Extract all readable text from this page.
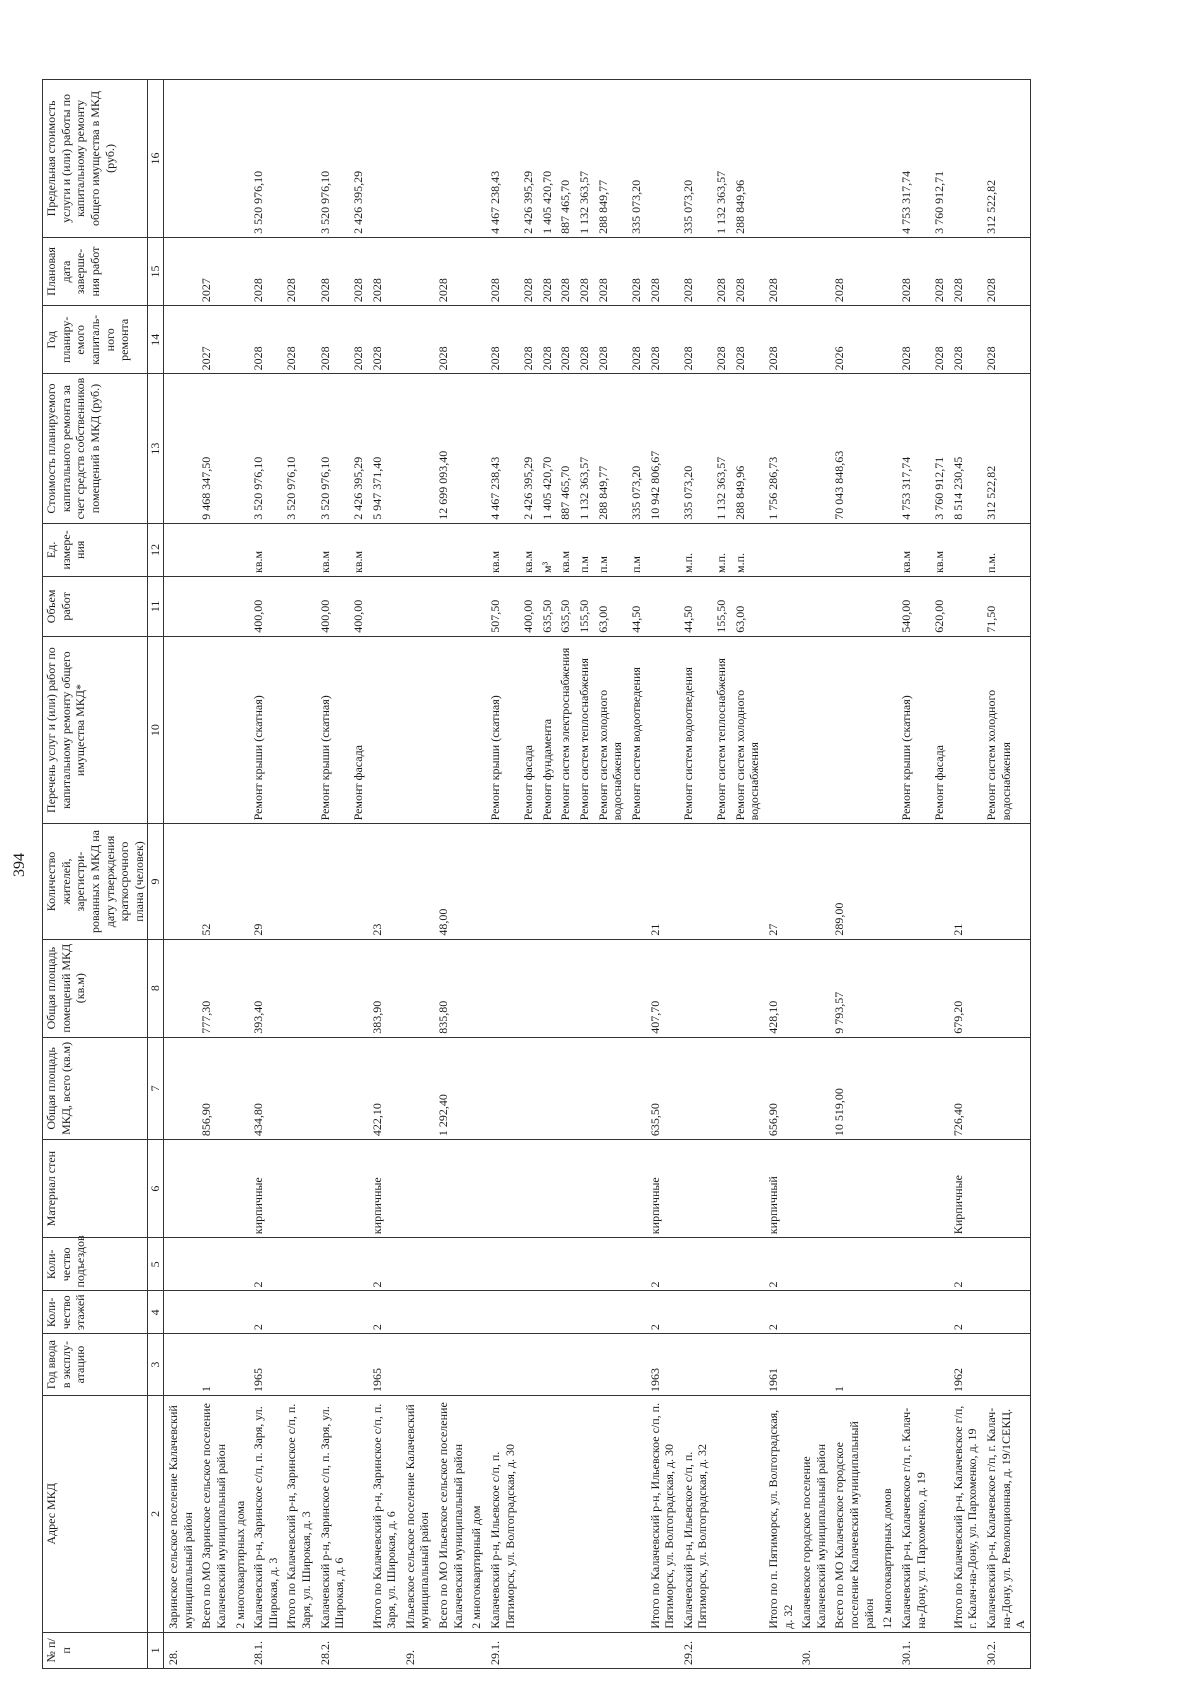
394
№ п/п	Адрес МКД	Год ввода в эксплу-атацию	Коли-чество этажей	Коли-чество подъездов	Материал стен	Общая площадь МКД, всего (кв.м)	Общая площадь помещений МКД (кв.м)	Количество жителей, зарегистри-рованных в МКД на дату утверждения краткосрочного плана (человек)	Перечень услуг и (или) работ по капитальному ремонту общего имущества МКД*	Объем работ	Ед. измере-ния	Стоимость планируемого капитального ремонта за счет средств собственников помещений в МКД (руб.)	Год планиру-емого капиталь-ного ремонта	Плановая дата заверше-ния работ	Предельная стоимость услуги и (или) работы по капитальному ремонту общего имущества в МКД (руб.)
1	2	3	4	5	6	7	8	9	10	11	12	13	14	15	16
28.	Заринское сельское поселение Калачевский муниципальный район														
	Всего по МО Заринское сельское поселение Калачевский муниципальный район	1				856,90	777,30	52				9 468 347,50	2027	2027	
	2 многоквартирных дома														
28.1.	Калачевский р-н, Заринское с/п, п. Заря, ул. Широкая, д. 3	1965	2	2	кирпичные	434,80	393,40	29	Ремонт крыши (скатная)	400,00	кв.м	3 520 976,10	2028	2028	3 520 976,10
	Итого по Калачевский р-н, Заринское с/п, п. Заря, ул. Широкая, д. 3											3 520 976,10	2028	2028	
28.2.	Калачевский р-н, Заринское с/п, п. Заря, ул. Широкая, д. 6								Ремонт крыши (скатная)	400,00	кв.м	3 520 976,10	2028	2028	3 520 976,10
									Ремонт фасада	400,00	кв.м	2 426 395,29	2028	2028	2 426 395,29
	Итого по Калачевский р-н, Заринское с/п, п. Заря, ул. Широкая, д. 6	1965	2	2	кирпичные	422,10	383,90	23				5 947 371,40	2028	2028	
29.	Ильевское сельское поселение Калачевский муниципальный район														
	Всего по МО Ильевское сельское поселение Калачевский муниципальный район					1 292,40	835,80	48,00				12 699 093,40	2028	2028	
	2 многоквартирный дом														
29.1.	Калачевский р-н, Ильевское с/п, п. Пятиморск, ул. Волгоградская, д. 30								Ремонт крыши (скатная)	507,50	кв.м	4 467 238,43	2028	2028	4 467 238,43
									Ремонт фасада	400,00	кв.м	2 426 395,29	2028	2028	2 426 395,29
									Ремонт фундамента	635,50	м³	1 405 420,70	2028	2028	1 405 420,70
									Ремонт систем электроснабжения	635,50	кв.м	887 465,70	2028	2028	887 465,70
									Ремонт систем теплоснабжения	155,50	п.м	1 132 363,57	2028	2028	1 132 363,57
									Ремонт систем холодного водоснабжения	63,00	п.м	288 849,77	2028	2028	288 849,77
									Ремонт систем водоотведения	44,50	п.м	335 073,20	2028	2028	335 073,20
	Итого по Калачевский р-н, Ильевское с/п, п. Пятиморск, ул. Волгоградская, д. 30	1963	2	2	кирпичные	635,50	407,70	21				10 942 806,67	2028	2028	
29.2.	Калачевский р-н, Ильевское с/п, п. Пятиморск, ул. Волгоградская, д. 32								Ремонт систем водоотведения	44,50	м.п.	335 073,20	2028	2028	335 073,20
									Ремонт систем теплоснабжения	155,50	м.п.	1 132 363,57	2028	2028	1 132 363,57
									Ремонт систем холодного водоснабжения	63,00	м.п.	288 849,96	2028	2028	288 849,96
	Итого по п. Пятиморск, ул. Волгоградская, д. 32	1961	2	2	кирпичный	656,90	428,10	27				1 756 286,73	2028	2028	
30.	Калачевское городское поселение Калачевский муниципальный район														
	Всего по МО Калачевское городское поселение Калачевский муниципальный район	1				10 519,00	9 793,57	289,00				70 043 848,63	2026	2028	
	12 многоквартирных домов														
30.1.	Калачевский р-н, Калачевское г/п, г. Калач-на-Дону, ул. Пархоменко, д. 19								Ремонт крыши (скатная)	540,00	кв.м	4 753 317,74	2028	2028	4 753 317,74
									Ремонт фасада	620,00	кв.м	3 760 912,71	2028	2028	3 760 912,71
	Итого по Калачевский р-н, Калачевское г/п, г. Калач-на-Дону, ул. Пархоменко, д. 19	1962	2	2	Кирпичные	726,40	679,20	21				8 514 230,45	2028	2028	
30.2.	Калачевский р-н, Калачевское г/п, г. Калач-на-Дону, ул. Революционная, д. 19/1СЕКЦ. А								Ремонт систем холодного водоснабжения	71,50	п.м.	312 522,82	2028	2028	312 522,82
